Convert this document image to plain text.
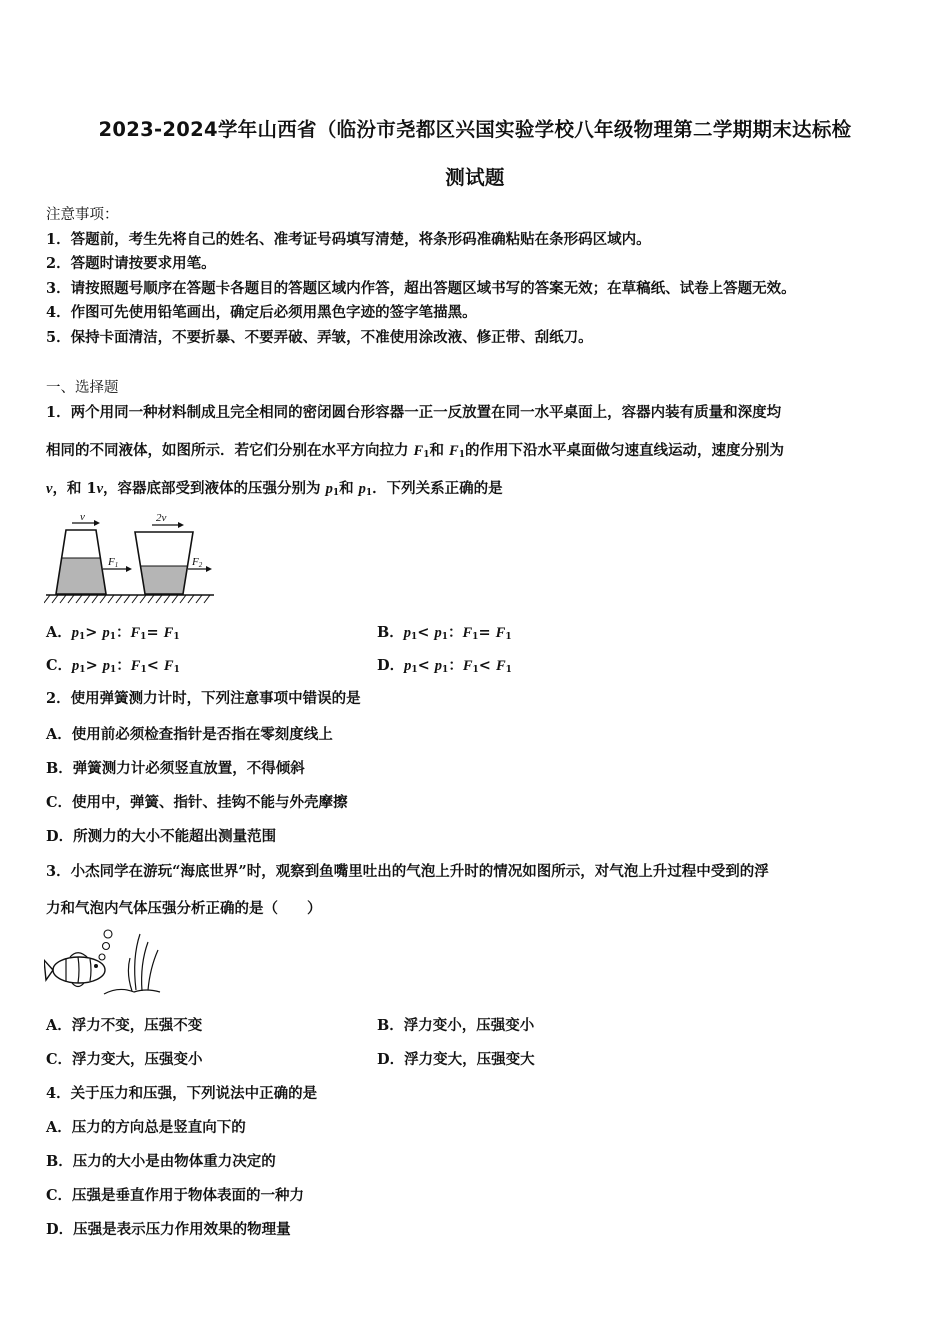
2023-2024学年山西省（临汾市尧都区兴国实验学校八年级物理第二学期期末达标检
测试题
注意事项：
1．答题前，考生先将自己的姓名、准考证号码填写清楚，将条形码准确粘贴在条形码区域内。
2．答题时请按要求用笔。
3．请按照题号顺序在答题卡各题目的答题区域内作答，超出答题区域书写的答案无效；在草稿纸、试卷上答题无效。
4．作图可先使用铅笔画出，确定后必须用黑色字迹的签字笔描黑。
5．保持卡面清洁，不要折暴、不要弄破、弄皱，不准使用涂改液、修正带、刮纸刀。
一、选择题
1．两个用同一种材料制成且完全相同的密闭圆台形容器一正一反放置在同一水平桌面上，容器内装有质量和深度均
相同的不同液体，如图所示．若它们分别在水平方向拉力 $F_1$和 $F_1$的作用下沿水平桌面做匀速直线运动，速度分别为
v，和 1v，容器底部受到液体的压强分别为 $p_1$和 $p_1$．下列关系正确的是
v	2v
F1	F2
A．$p_1> p_1$：$F_1= F_1$	B．$p_1< p_1$：$F_1= F_1$
C．$p_1> p_1$：$F_1< F_1$	D．$p_1< p_1$：$F_1< F_1$
2．使用弹簧测力计时，下列注意事项中错误的是
A．使用前必须检查指针是否指在零刻度线上
B．弹簧测力计必须竖直放置，不得倾斜
C．使用中，弹簧、指针、挂钩不能与外壳摩擦
D．所测力的大小不能超出测量范围
3．小杰同学在游玩“海底世界”时，观察到鱼嘴里吐出的气泡上升时的情况如图所示，对气泡上升过程中受到的浮
力和气泡内气体压强分析正确的是（　　）
A．浮力不变，压强不变	B．浮力变小，压强变小
C．浮力变大，压强变小	D．浮力变大，压强变大
4．关于压力和压强，下列说法中正确的是
A．压力的方向总是竖直向下的
B．压力的大小是由物体重力决定的
C．压强是垂直作用于物体表面的一种力
D．压强是表示压力作用效果的物理量
